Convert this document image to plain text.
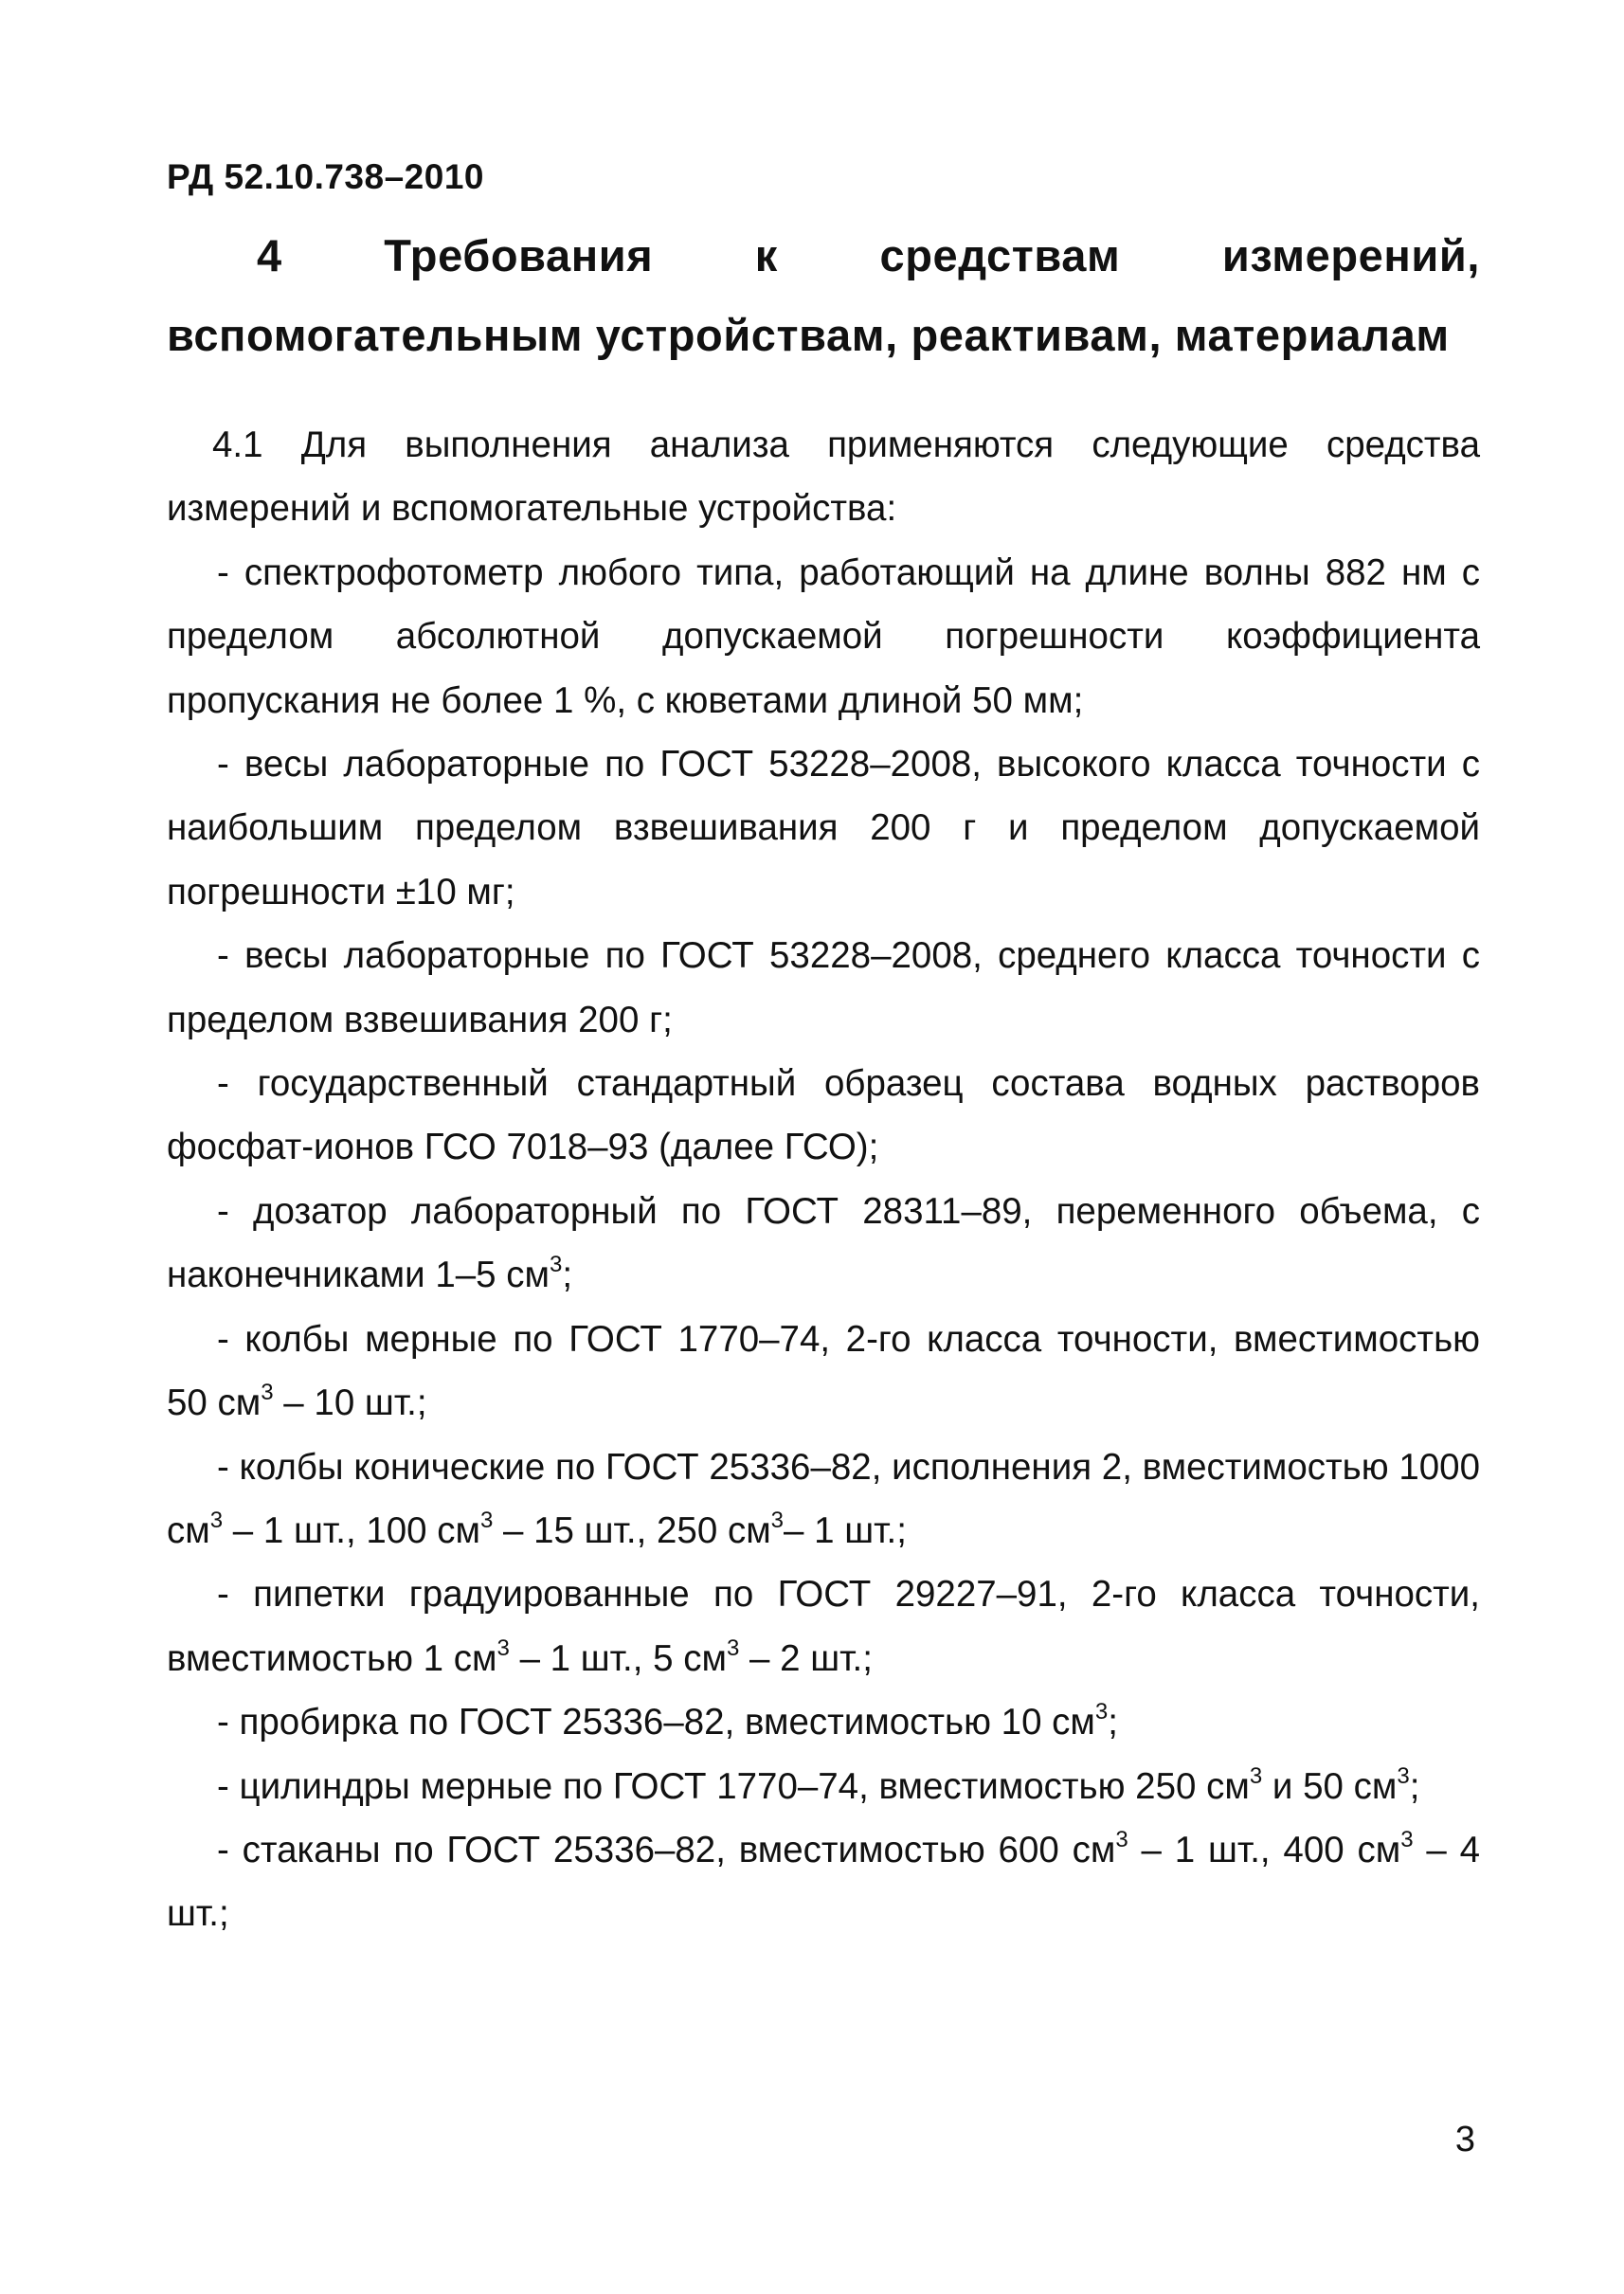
РД 52.10.738–2010
4 Требования к средствам измерений, вспомогательным устройствам, реактивам, материалам

4.1 Для выполнения анализа применяются следующие средства измерений и вспомогательные устройства:

- спектрофотометр любого типа, работающий на длине волны 882 нм с пределом абсолютной допускаемой погрешности коэффициента пропускания не более 1 %, с кюветами длиной 50 мм;

- весы лабораторные по ГОСТ 53228–2008, высокого класса точности с наибольшим пределом взвешивания 200 г и пределом допускаемой погрешности ±10 мг;

- весы лабораторные по ГОСТ 53228–2008, среднего класса точности с пределом взвешивания 200 г;

- государственный стандартный образец состава водных растворов фосфат-ионов ГСО 7018–93 (далее ГСО);

- дозатор лабораторный по ГОСТ 28311–89, переменного объема, с наконечниками 1–5 $см^3$;

- колбы мерные по ГОСТ 1770–74, 2-го класса точности, вместимостью 50 $см^3 - 10$ шт.;

- колбы конические по ГОСТ 25336–82, исполнения 2, вместимостью 1000 $см^3 - 1$ шт., 100 $см^3 - 15$ шт., 250 $см^3-$ 1 шт.;

- пипетки градуированные по ГОСТ 29227–91, 2-го класса точности, вместимостью 1 $см^3 - 1$ шт., 5 $см^3 - 2$ шт.;

- пробирка по ГОСТ 25336–82, вместимостью 10 $см^3$;

- цилиндры мерные по ГОСТ 1770–74, вместимостью 250 $см^3$ и 50 $см^3$;

- стаканы по ГОСТ 25336–82, вместимостью 600 $см^3 - 1$ шт., 400 $см^3 - 4$ шт.;

3
